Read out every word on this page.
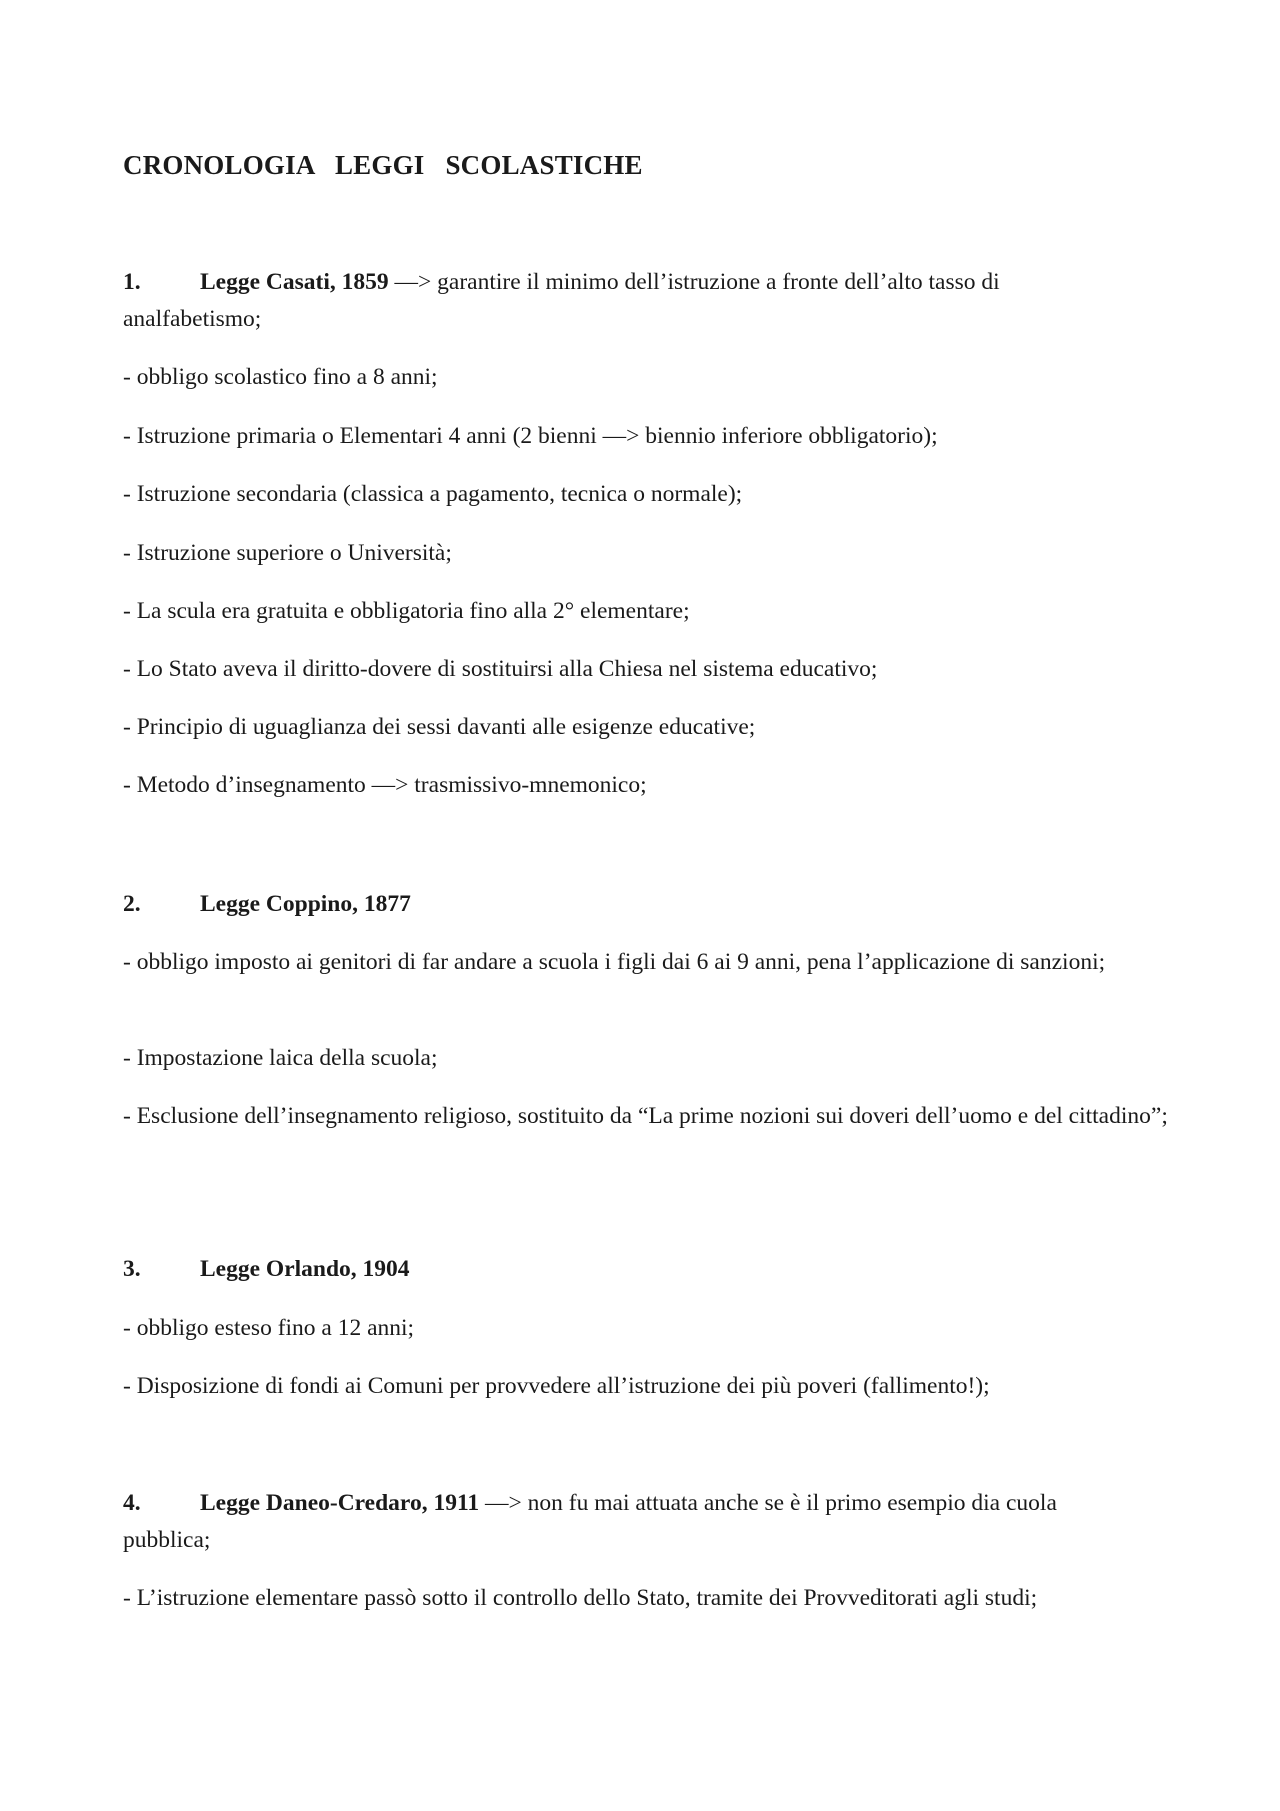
CRONOLOGIA LEGGI SCOLASTICHE
1.	Legge Casati, 1859 —> garantire il minimo dell’istruzione a fronte dell’alto tasso di
analfabetismo;
- obbligo scolastico fino a 8 anni;
- Istruzione primaria o Elementari 4 anni (2 bienni —> biennio inferiore obbligatorio);
- Istruzione secondaria (classica a pagamento, tecnica o normale);
- Istruzione superiore o Università;
- La scula era gratuita e obbligatoria fino alla 2° elementare;
- Lo Stato aveva il diritto-dovere di sostituirsi alla Chiesa nel sistema educativo;
- Principio di uguaglianza dei sessi davanti alle esigenze educative;
- Metodo d’insegnamento —> trasmissivo-mnemonico;
2.	Legge Coppino, 1877
- obbligo imposto ai genitori di far andare a scuola i figli dai 6 ai 9 anni, pena l’applicazione di sanzioni;
- Impostazione laica della scuola;
- Esclusione dell’insegnamento religioso, sostituito da “La prime nozioni sui doveri dell’uomo e del cittadino”;
3.	Legge Orlando, 1904
- obbligo esteso fino a 12 anni;
- Disposizione di fondi ai Comuni per provvedere all’istruzione dei più poveri (fallimento!);
4.	Legge Daneo-Credaro, 1911 —> non fu mai attuata anche se è il primo esempio dia cuola
pubblica;
- L’istruzione elementare passò sotto il controllo dello Stato, tramite dei Provveditorati agli studi;
